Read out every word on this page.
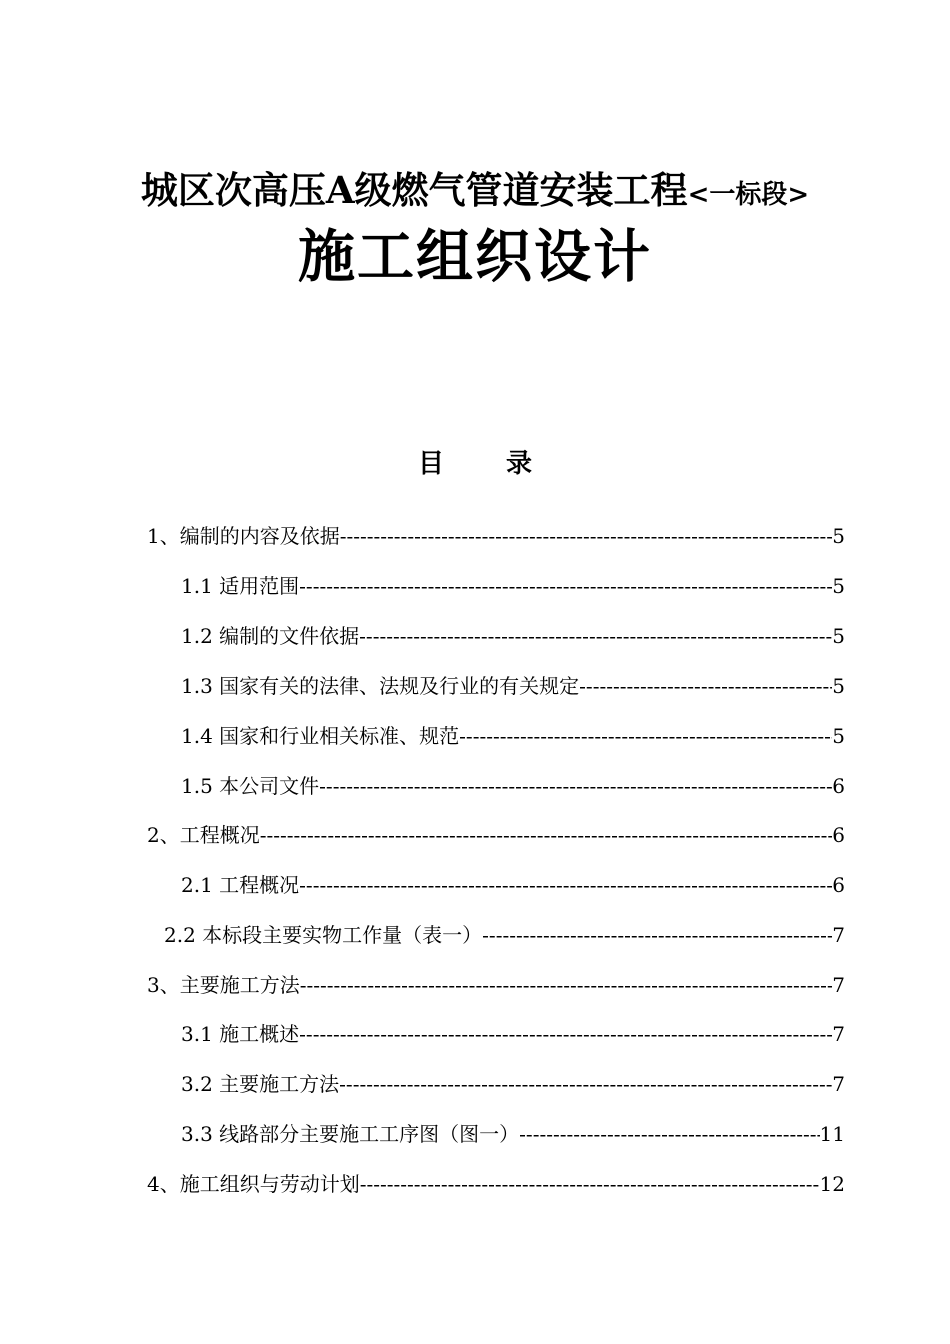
城区次高压A级燃气管道安装工程<一标段>
施工组织设计
目 录
1、编制的内容及依据 -----	5
1.1 适用范围 -----	5
1.2 编制的文件依据 -----	5
1.3 国家有关的法律、法规及行业的有关规定 -----	5
1.4 国家和行业相关标准、规范 -----	5
1.5 本公司文件 -----	6
2、工程概况 -----	6
2.1 工程概况 -----	6
2.2 本标段主要实物工作量（表一） -----	7
3、主要施工方法 -----	7
3.1 施工概述 -----	7
3.2 主要施工方法 -----	7
3.3 线路部分主要施工工序图（图一） -----	11
4、施工组织与劳动计划 -----	12
